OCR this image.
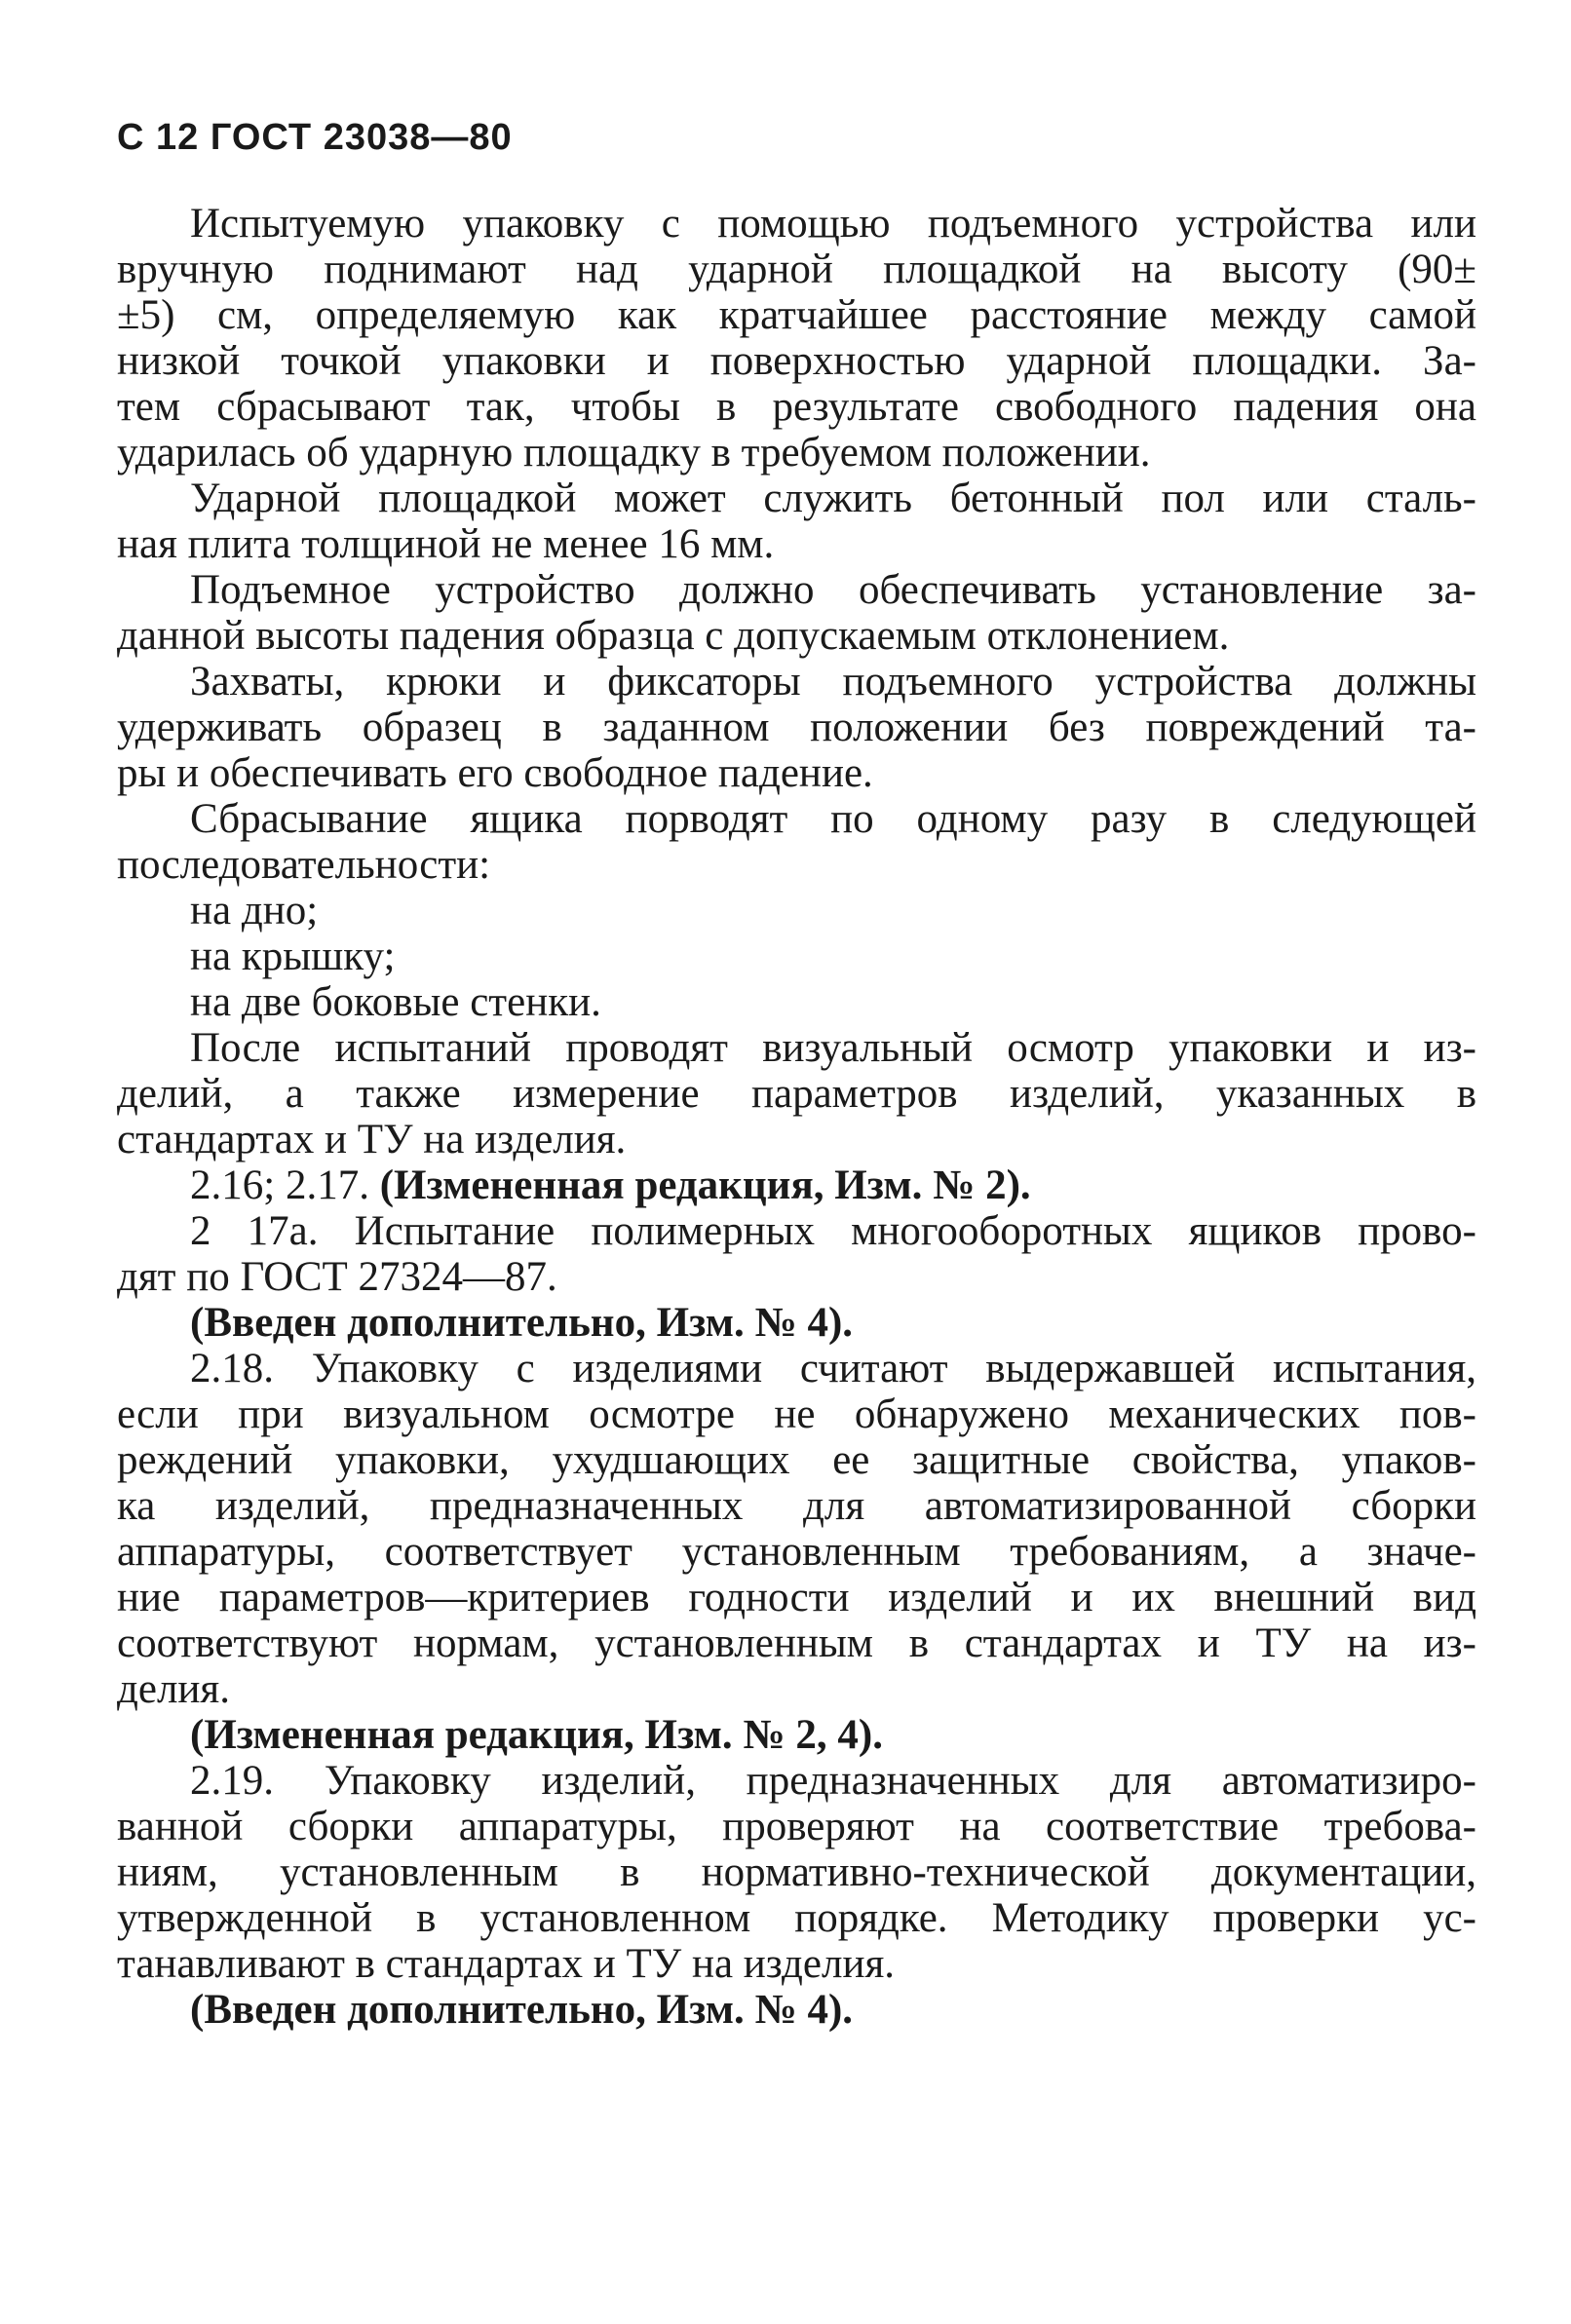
С 12 ГОСТ 23038—80
Испытуемую упаковку с помощью подъемного устройства или
вручную поднимают над ударной площадкой на высоту (90±
±5) см, определяемую как кратчайшее расстояние между самой
низкой точкой упаковки и поверхностью ударной площадки. За-
тем сбрасывают так, чтобы в результате свободного падения она
ударилась об ударную площадку в требуемом положении.
Ударной площадкой может служить бетонный пол или сталь-
ная плита толщиной не менее 16 мм.
Подъемное устройство должно обеспечивать установление за-
данной высоты падения образца с допускаемым отклонением.
Захваты, крюки и фиксаторы подъемного устройства должны
удерживать образец в заданном положении без повреждений та-
ры и обеспечивать его свободное падение.
Сбрасывание ящика порводят по одному разу в следующей
последовательности:
на дно;
на крышку;
на две боковые стенки.
После испытаний проводят визуальный осмотр упаковки и из-
делий, а также измерение параметров изделий, указанных в
стандартах и ТУ на изделия.
2.16; 2.17. (Измененная редакция, Изм. № 2).
2 17а. Испытание полимерных многооборотных ящиков прово-
дят по ГОСТ 27324—87.
(Введен дополнительно, Изм. № 4).
2.18. Упаковку с изделиями считают выдержавшей испытания,
если при визуальном осмотре не обнаружено механических пов-
реждений упаковки, ухудшающих ее защитные свойства, упаков-
ка изделий, предназначенных для автоматизированной сборки
аппаратуры, соответствует установленным требованиям, а значе-
ние параметров—критериев годности изделий и их внешний вид
соответствуют нормам, установленным в стандартах и ТУ на из-
делия.
(Измененная редакция, Изм. № 2, 4).
2.19. Упаковку изделий, предназначенных для автоматизиро-
ванной сборки аппаратуры, проверяют на соответствие требова-
ниям, установленным в нормативно-технической документации,
утвержденной в установленном порядке. Методику проверки ус-
танавливают в стандартах и ТУ на изделия.
(Введен дополнительно, Изм. № 4).
